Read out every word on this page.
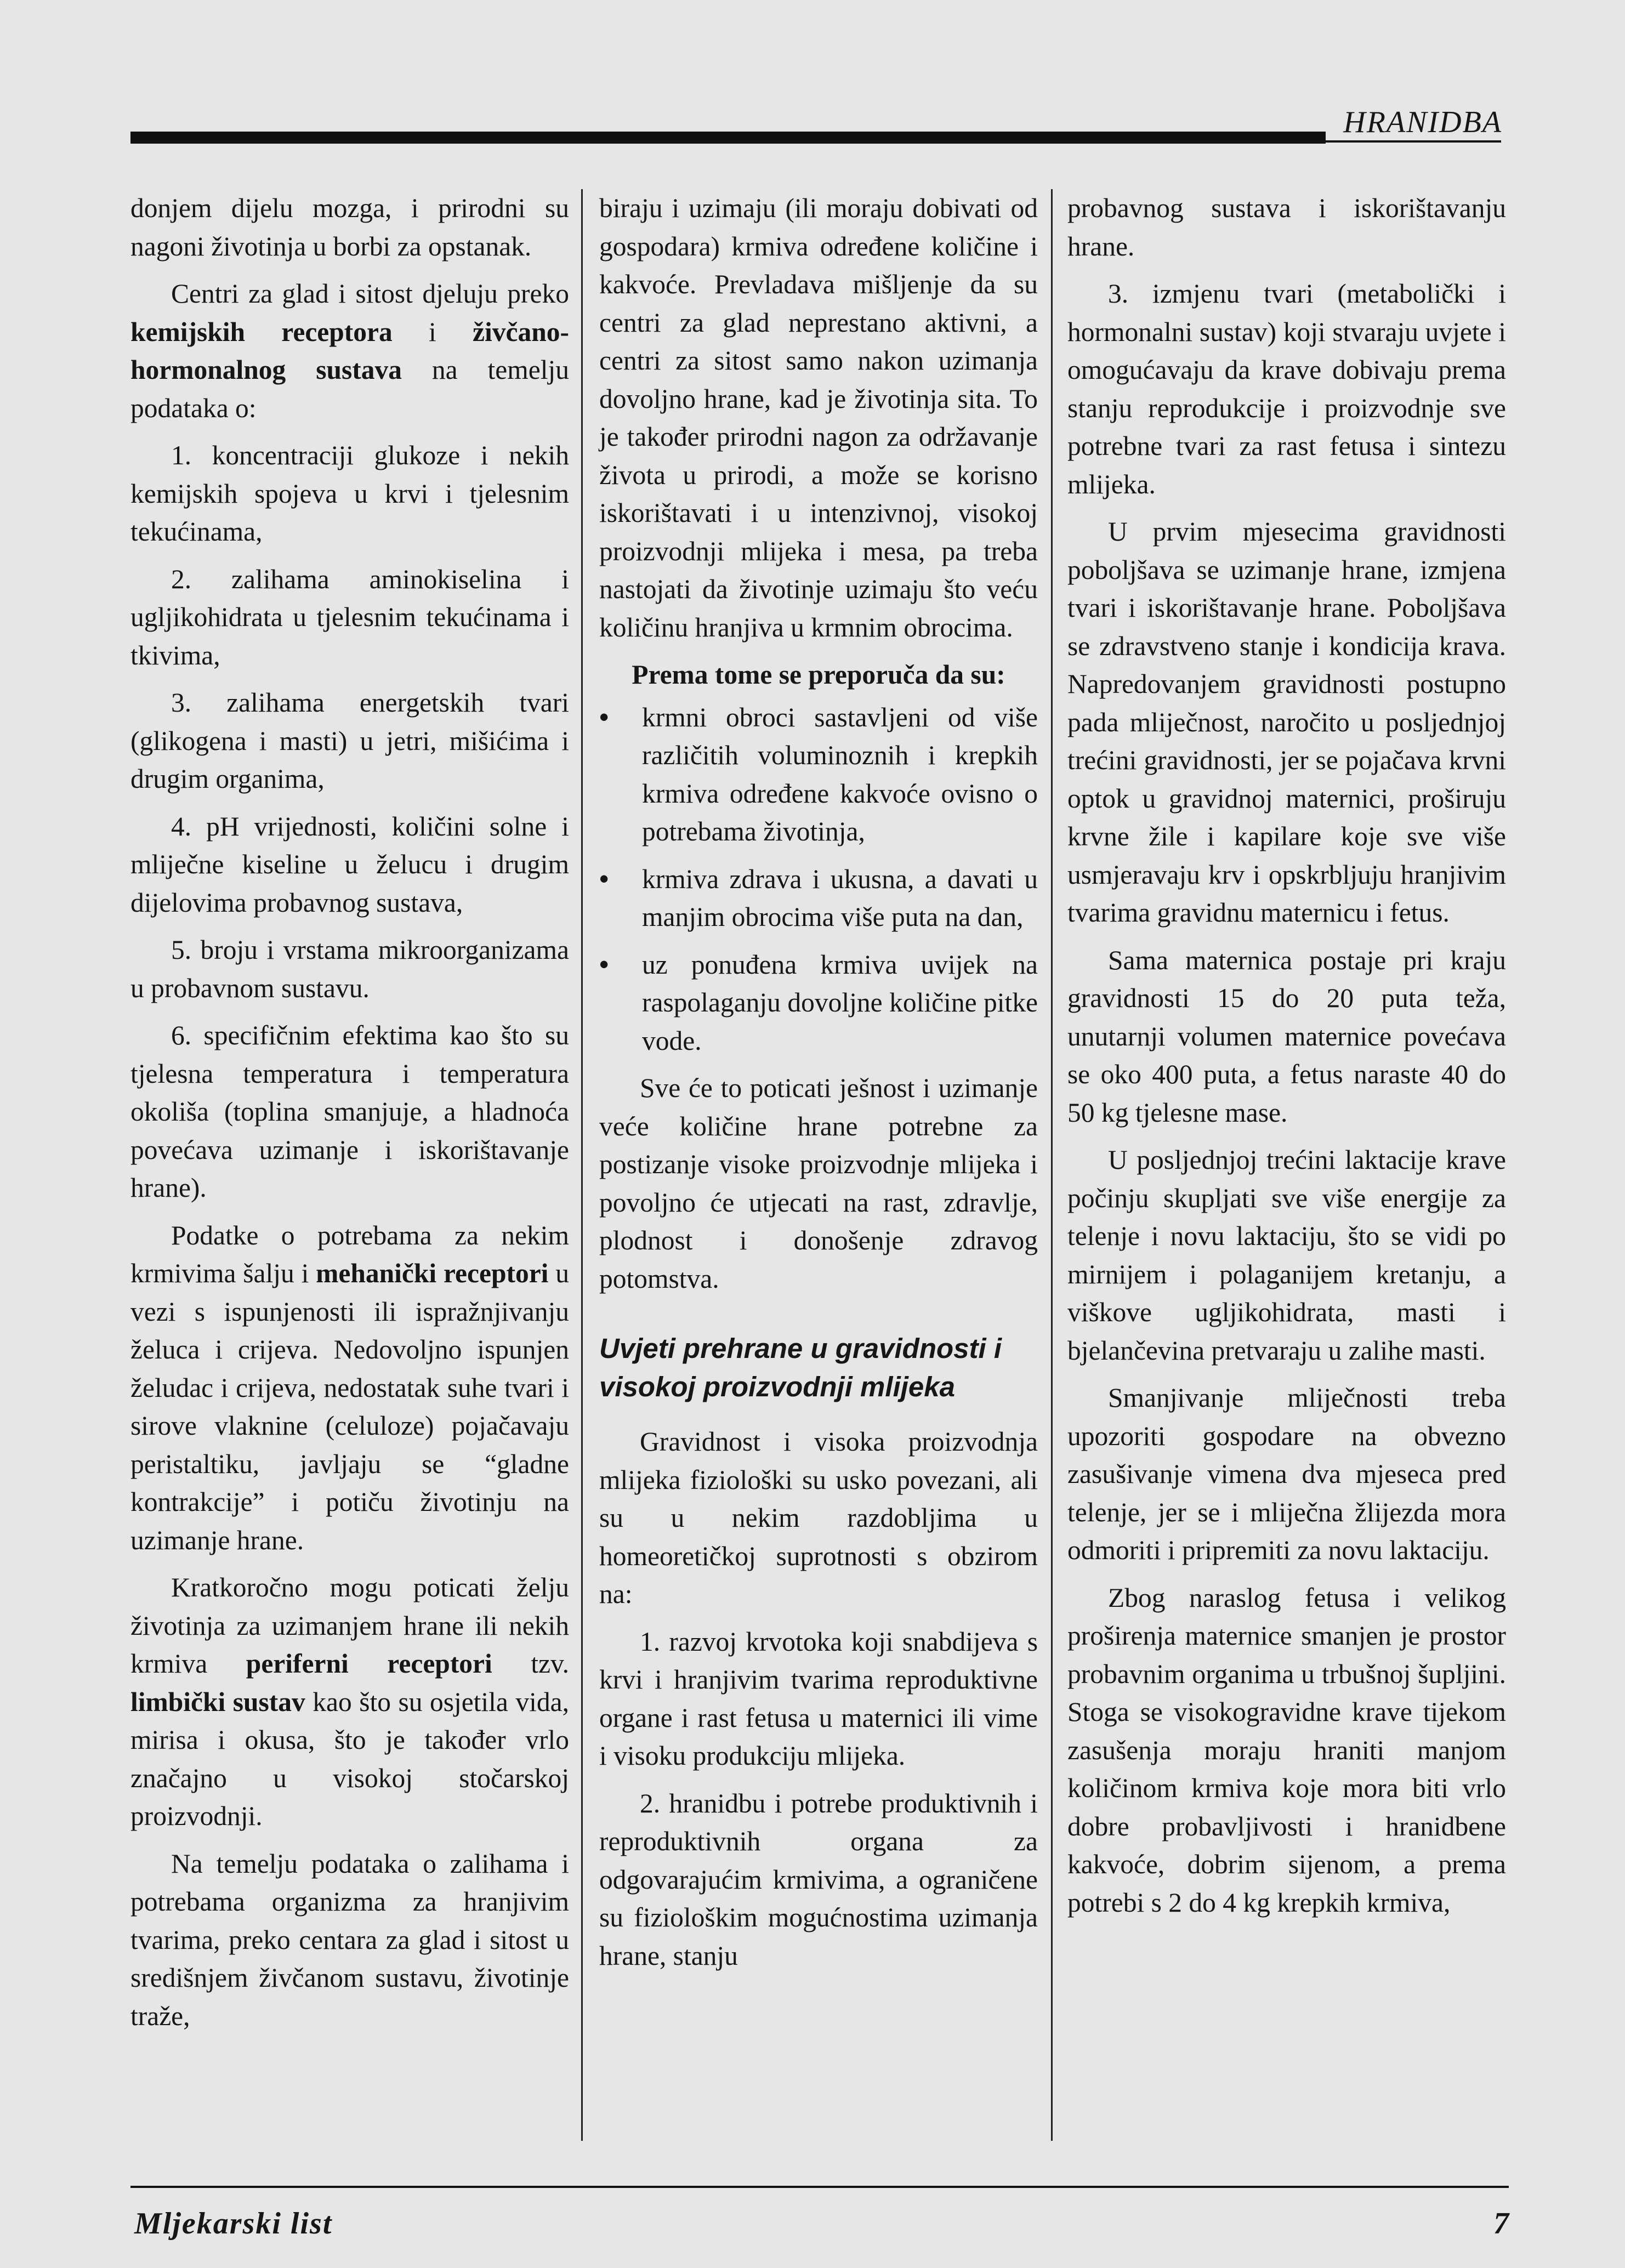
HRANIDBA

donjem dijelu mozga, i prirodni su nagoni životinja u borbi za opstanak.

Centri za glad i sitost djeluju preko kemijskih receptora i živčano-hormonalnog sustava na temelju podataka o:

1. koncentraciji glukoze i nekih kemijskih spojeva u krvi i tjelesnim tekućinama,

2. zalihama aminokiselina i ugljikohidrata u tjelesnim tekućinama i tkivima,

3. zalihama energetskih tvari (glikogena i masti) u jetri, mišićima i drugim organima,

4. pH vrijednosti, količini solne i mliječne kiseline u želucu i drugim dijelovima probavnog sustava,

5. broju i vrstama mikroorganizama u probavnom sustavu.

6. specifičnim efektima kao što su tjelesna temperatura i temperatura okoliša (toplina smanjuje, a hladnoća povećava uzimanje i iskorištavanje hrane).

Podatke o potrebama za nekim krmivima šalju i mehanički receptori u vezi s ispunjenosti ili ispražnjivanju želuca i crijeva. Nedovoljno ispunjen želudac i crijeva, nedostatak suhe tvari i sirove vlaknine (celuloze) pojačavaju peristaltiku, javljaju se “gladne kontrakcije” i potiču životinju na uzimanje hrane.

Kratkoročno mogu poticati želju životinja za uzimanjem hrane ili nekih krmiva periferni receptori tzv. limbički sustav kao što su osjetila vida, mirisa i okusa, što je također vrlo značajno u visokoj stočarskoj proizvodnji.

Na temelju podataka o zalihama i potrebama organizma za hranjivim tvarima, preko centara za glad i sitost u središnjem živčanom sustavu, životinje traže,

biraju i uzimaju (ili moraju dobivati od gospodara) krmiva određene količine i kakvoće. Prevladava mišljenje da su centri za glad neprestano aktivni, a centri za sitost samo nakon uzimanja dovoljno hrane, kad je životinja sita. To je također prirodni nagon za održavanje života u prirodi, a može se korisno iskorištavati i u intenzivnoj, visokoj proizvodnji mlijeka i mesa, pa treba nastojati da životinje uzimaju što veću količinu hranjiva u krmnim obrocima.

Prema tome se preporuča da su:

• krmni obroci sastavljeni od više različitih voluminoznih i krepkih krmiva određene kakvoće ovisno o potrebama životinja,
• krmiva zdrava i ukusna, a davati u manjim obrocima više puta na dan,
• uz ponuđena krmiva uvijek na raspolaganju dovoljne količine pitke vode.

Sve će to poticati ješnost i uzimanje veće količine hrane potrebne za postizanje visoke proizvodnje mlijeka i povoljno će utjecati na rast, zdravlje, plodnost i donošenje zdravog potomstva.

Uvjeti prehrane u gravidnosti i visokoj proizvodnji mlijeka

Gravidnost i visoka proizvodnja mlijeka fiziološki su usko povezani, ali su u nekim razdobljima u homeoretičkoj suprotnosti s obzirom na:

1. razvoj krvotoka koji snabdijeva s krvi i hranjivim tvarima reproduktivne organe i rast fetusa u maternici ili vime i visoku produkciju mlijeka.

2. hranidbu i potrebe produktivnih i reproduktivnih organa za odgovarajućim krmivima, a ograničene su fiziološkim mogućnostima uzimanja hrane, stanju

probavnog sustava i iskorištavanju hrane.

3. izmjenu tvari (metabolički i hormonalni sustav) koji stvaraju uvjete i omogućavaju da krave dobivaju prema stanju reprodukcije i proizvodnje sve potrebne tvari za rast fetusa i sintezu mlijeka.

U prvim mjesecima gravidnosti poboljšava se uzimanje hrane, izmjena tvari i iskorištavanje hrane. Poboljšava se zdravstveno stanje i kondicija krava. Napredovanjem gravidnosti postupno pada mliječnost, naročito u posljednjoj trećini gravidnosti, jer se pojačava krvni optok u gravidnoj maternici, proširuju krvne žile i kapilare koje sve više usmjeravaju krv i opskrbljuju hranjivim tvarima gravidnu maternicu i fetus.

Sama maternica postaje pri kraju gravidnosti 15 do 20 puta teža, unutarnji volumen maternice povećava se oko 400 puta, a fetus naraste 40 do 50 kg tjelesne mase.

U posljednjoj trećini laktacije krave počinju skupljati sve više energije za telenje i novu laktaciju, što se vidi po mirnijem i polaganijem kretanju, a viškove ugljikohidrata, masti i bjelančevina pretvaraju u zalihe masti.

Smanjivanje mliječnosti treba upozoriti gospodare na obvezno zasušivanje vimena dva mjeseca pred telenje, jer se i mliječna žlijezda mora odmoriti i pripremiti za novu laktaciju.

Zbog naraslog fetusa i velikog proširenja maternice smanjen je prostor probavnim organima u trbušnoj šupljini. Stoga se visokogravidne krave tijekom zasušenja moraju hraniti manjom količinom krmiva koje mora biti vrlo dobre probavljivosti i hranidbene kakvoće, dobrim sijenom, a prema potrebi s 2 do 4 kg krepkih krmiva,

Mljekarski list	7
